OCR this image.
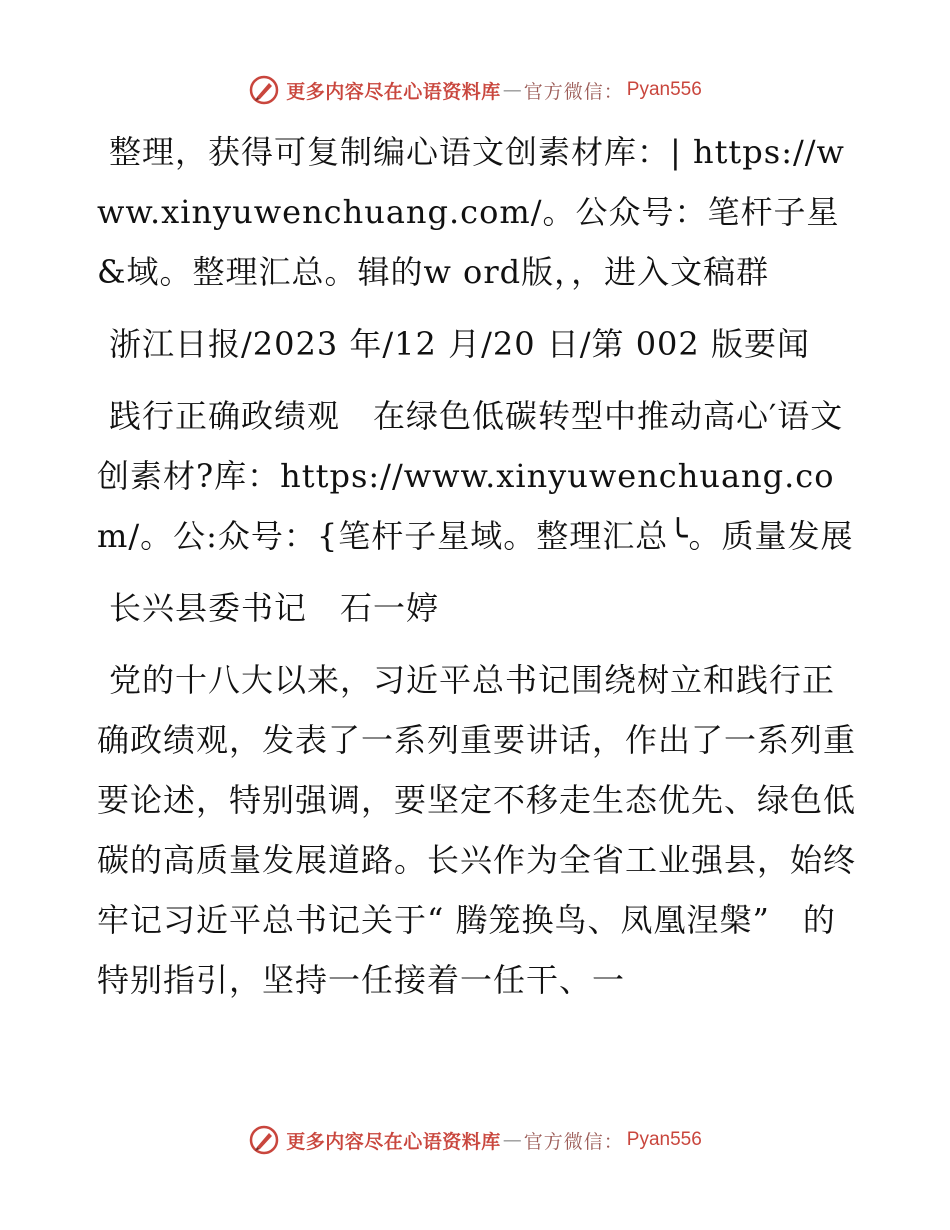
更多内容尽在心语资料库 — 官方微信 ： Pyan556

整理，获得可复制编心语文创素材库：| https://www.xinyuwenchuang.com/。公众号：笔杆子星&域。整理汇总。辑的w ord版，，进入文稿群

浙江日报/2023 年/12 月/20 日/第 002 版要闻

践行正确政绩观　在绿色低碳转型中推动高心′语文创素材?库：https://www.xinyuwenchuang.com/。公:众号：{笔杆子星域。整理汇总╰。质量发展

长兴县委书记　石一婷

党的十八大以来，习近平总书记围绕树立和践行正确政绩观，发表了一系列重要讲话，作出了一系列重要论述，特别强调，要坚定不移走生态优先、绿色低碳的高质量发展道路。长兴作为全省工业强县，始终牢记习近平总书记关于“ 腾笼换鸟、凤凰涅槃”　的特别指引，坚持一任接着一任干、一

更多内容尽在心语资料库 — 官方微信 ： Pyan556
